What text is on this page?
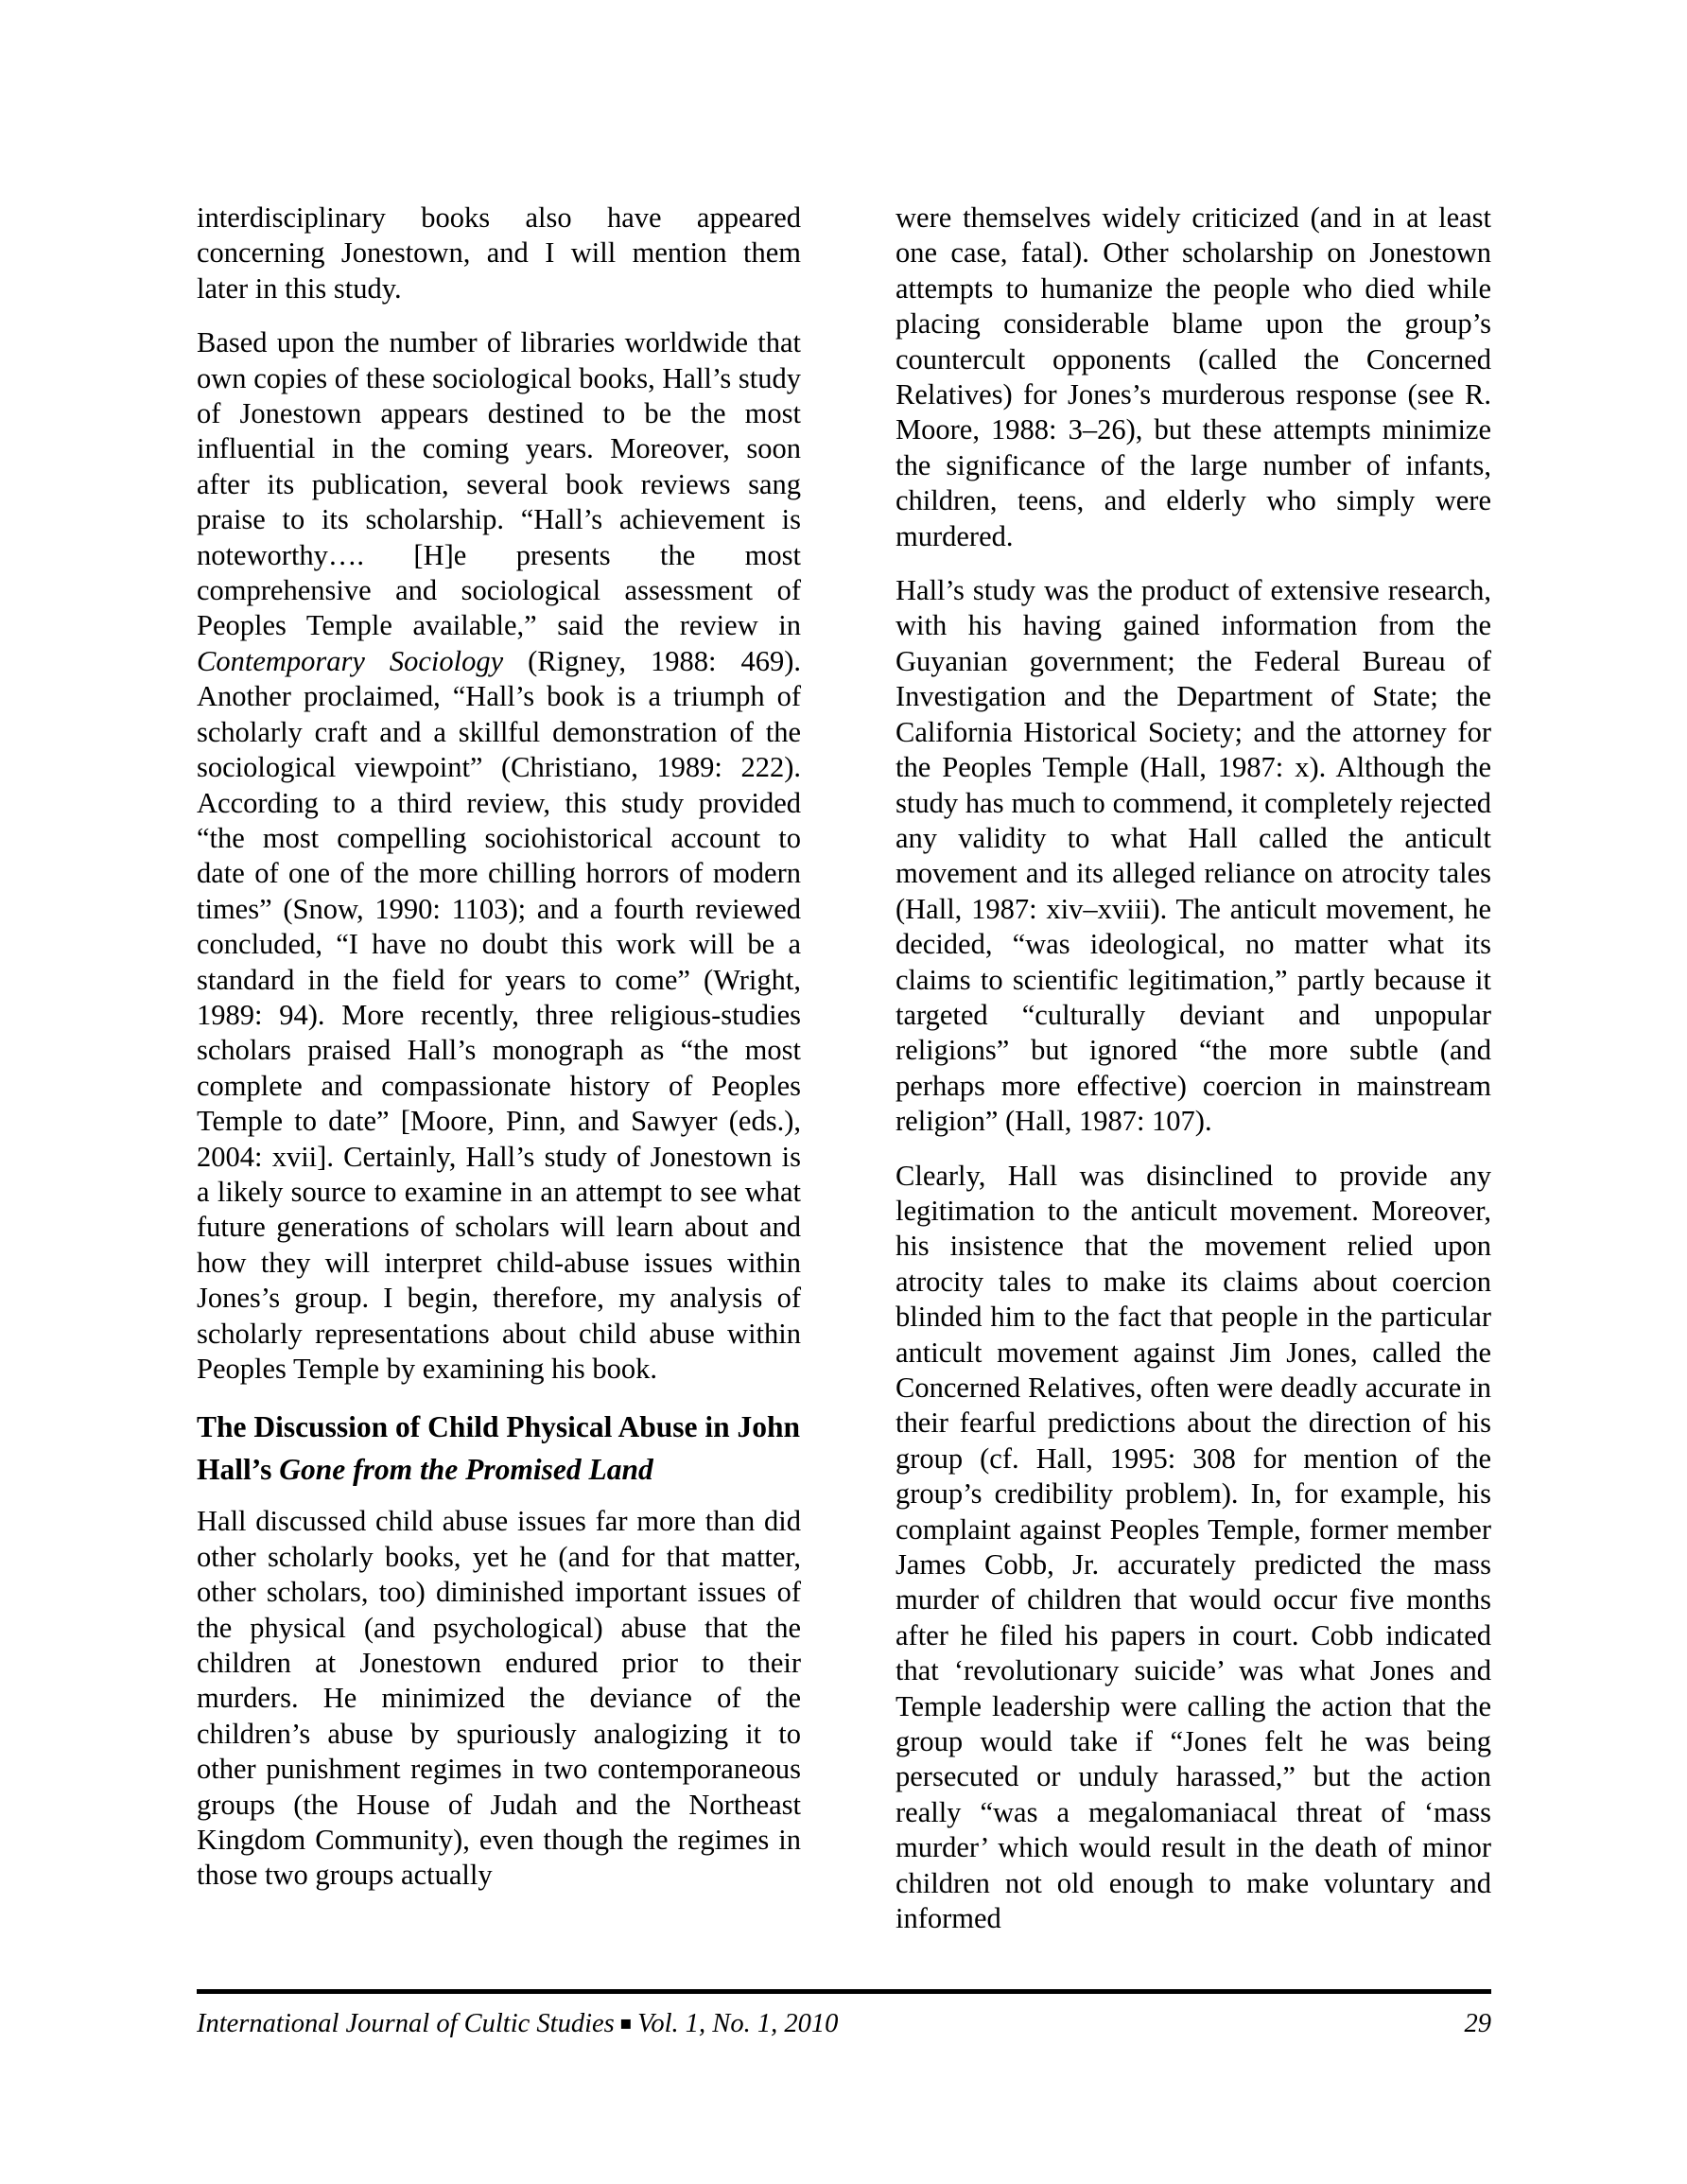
interdisciplinary books also have appeared concerning Jonestown, and I will mention them later in this study.

Based upon the number of libraries worldwide that own copies of these sociological books, Hall’s study of Jonestown appears destined to be the most influential in the coming years. Moreover, soon after its publication, several book reviews sang praise to its scholarship. “Hall’s achievement is noteworthy…. [H]e presents the most comprehensive and sociological assessment of Peoples Temple available,” said the review in Contemporary Sociology (Rigney, 1988: 469). Another proclaimed, “Hall’s book is a triumph of scholarly craft and a skillful demonstration of the sociological viewpoint” (Christiano, 1989: 222). According to a third review, this study provided “the most compelling sociohistorical account to date of one of the more chilling horrors of modern times” (Snow, 1990: 1103); and a fourth reviewed concluded, “I have no doubt this work will be a standard in the field for years to come” (Wright, 1989: 94). More recently, three religious-studies scholars praised Hall’s monograph as “the most complete and compassionate history of Peoples Temple to date” [Moore, Pinn, and Sawyer (eds.), 2004: xvii]. Certainly, Hall’s study of Jonestown is a likely source to examine in an attempt to see what future generations of scholars will learn about and how they will interpret child-abuse issues within Jones’s group. I begin, therefore, my analysis of scholarly representations about child abuse within Peoples Temple by examining his book.

The Discussion of Child Physical Abuse in John Hall’s Gone from the Promised Land

Hall discussed child abuse issues far more than did other scholarly books, yet he (and for that matter, other scholars, too) diminished important issues of the physical (and psychological) abuse that the children at Jonestown endured prior to their murders. He minimized the deviance of the children’s abuse by spuriously analogizing it to other punishment regimes in two contemporaneous groups (the House of Judah and the Northeast Kingdom Community), even though the regimes in those two groups actually

were themselves widely criticized (and in at least one case, fatal). Other scholarship on Jonestown attempts to humanize the people who died while placing considerable blame upon the group’s countercult opponents (called the Concerned Relatives) for Jones’s murderous response (see R. Moore, 1988: 3–26), but these attempts minimize the significance of the large number of infants, children, teens, and elderly who simply were murdered.

Hall’s study was the product of extensive research, with his having gained information from the Guyanian government; the Federal Bureau of Investigation and the Department of State; the California Historical Society; and the attorney for the Peoples Temple (Hall, 1987: x). Although the study has much to commend, it completely rejected any validity to what Hall called the anticult movement and its alleged reliance on atrocity tales (Hall, 1987: xiv–xviii). The anticult movement, he decided, “was ideological, no matter what its claims to scientific legitimation,” partly because it targeted “culturally deviant and unpopular religions” but ignored “the more subtle (and perhaps more effective) coercion in mainstream religion” (Hall, 1987: 107).

Clearly, Hall was disinclined to provide any legitimation to the anticult movement. Moreover, his insistence that the movement relied upon atrocity tales to make its claims about coercion blinded him to the fact that people in the particular anticult movement against Jim Jones, called the Concerned Relatives, often were deadly accurate in their fearful predictions about the direction of his group (cf. Hall, 1995: 308 for mention of the group’s credibility problem). In, for example, his complaint against Peoples Temple, former member James Cobb, Jr. accurately predicted the mass murder of children that would occur five months after he filed his papers in court. Cobb indicated that ‘revolutionary suicide’ was what Jones and Temple leadership were calling the action that the group would take if “Jones felt he was being persecuted or unduly harassed,” but the action really “was a megalomaniacal threat of ‘mass murder’ which would result in the death of minor children not old enough to make voluntary and informed

International Journal of Cultic Studies ■ Vol. 1, No. 1, 2010	29
